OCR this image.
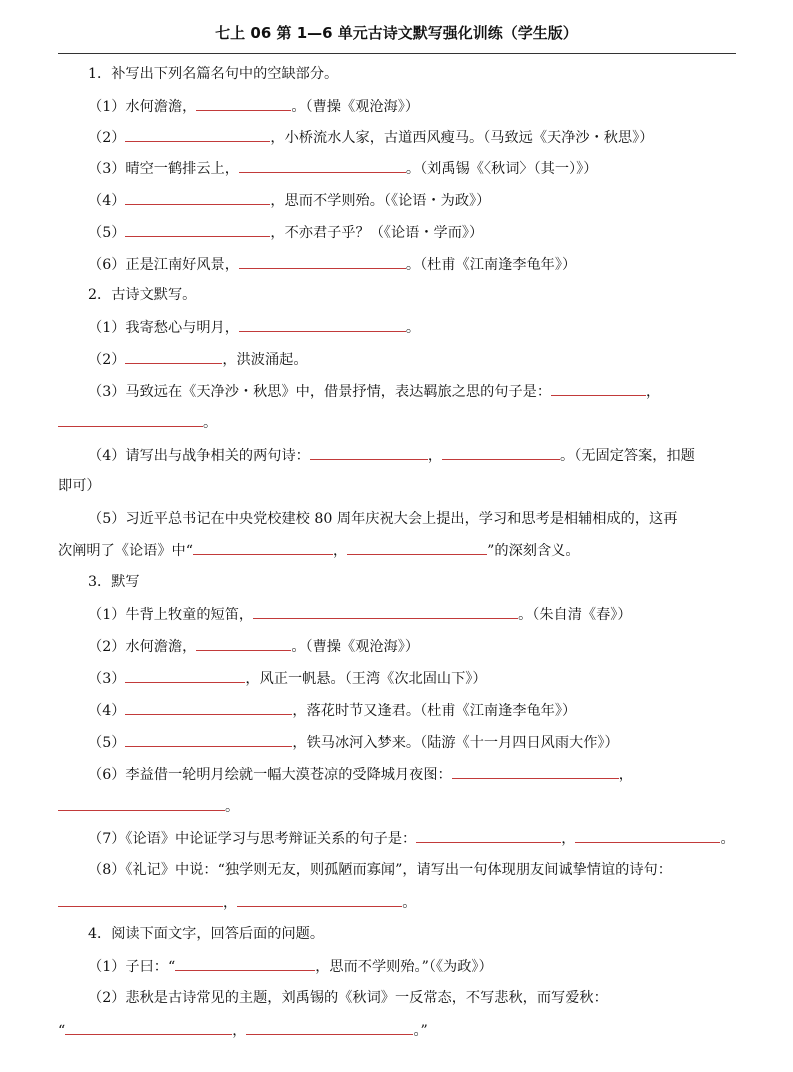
七上 06 第 1—6 单元古诗文默写强化训练（学生版）
1．补写出下列名篇名句中的空缺部分。
（1）水何澹澹，	。（曹操《观沧海》）
（2）	，小桥流水人家，古道西风瘦马。（马致远《天净沙・秋思》）
（3）晴空一鹤排云上，	。（刘禹锡《〈秋词〉（其一）》）
（4）	，思而不学则殆。（《论语・为政》）
（5）	，不亦君子乎？（《论语・学而》）
（6）正是江南好风景，	。（杜甫《江南逢李龟年》）
2．古诗文默写。
（1）我寄愁心与明月，	。
（2）	，洪波涌起。
（3）马致远在《天净沙・秋思》中，借景抒情，表达羁旅之思的句子是：	，
。
（4）请写出与战争相关的两句诗：	，	。（无固定答案，扣题
即可）
（5）习近平总书记在中央党校建校 80 周年庆祝大会上提出，学习和思考是相辅相成的，这再
次阐明了《论语》中“	，	”的深刻含义。
3．默写
（1）牛背上牧童的短笛，	。（朱自清《春》）
（2）水何澹澹，	。（曹操《观沧海》）
（3）	，风正一帆悬。（王湾《次北固山下》）
（4）	，落花时节又逢君。（杜甫《江南逢李龟年》）
（5）	，铁马冰河入梦来。（陆游《十一月四日风雨大作》）
（6）李益借一轮明月绘就一幅大漠苍凉的受降城月夜图：	，
。
（7）《论语》中论证学习与思考辩证关系的句子是：	，	。
（8）《礼记》中说：“独学则无友，则孤陋而寡闻”，请写出一句体现朋友间诚挚情谊的诗句：
，	。
4．阅读下面文字，回答后面的问题。
（1）子曰：“	，思而不学则殆。”（《为政》）
（2）悲秋是古诗常见的主题，刘禹锡的《秋词》一反常态，不写悲秋，而写爱秋：
“	，	。”
